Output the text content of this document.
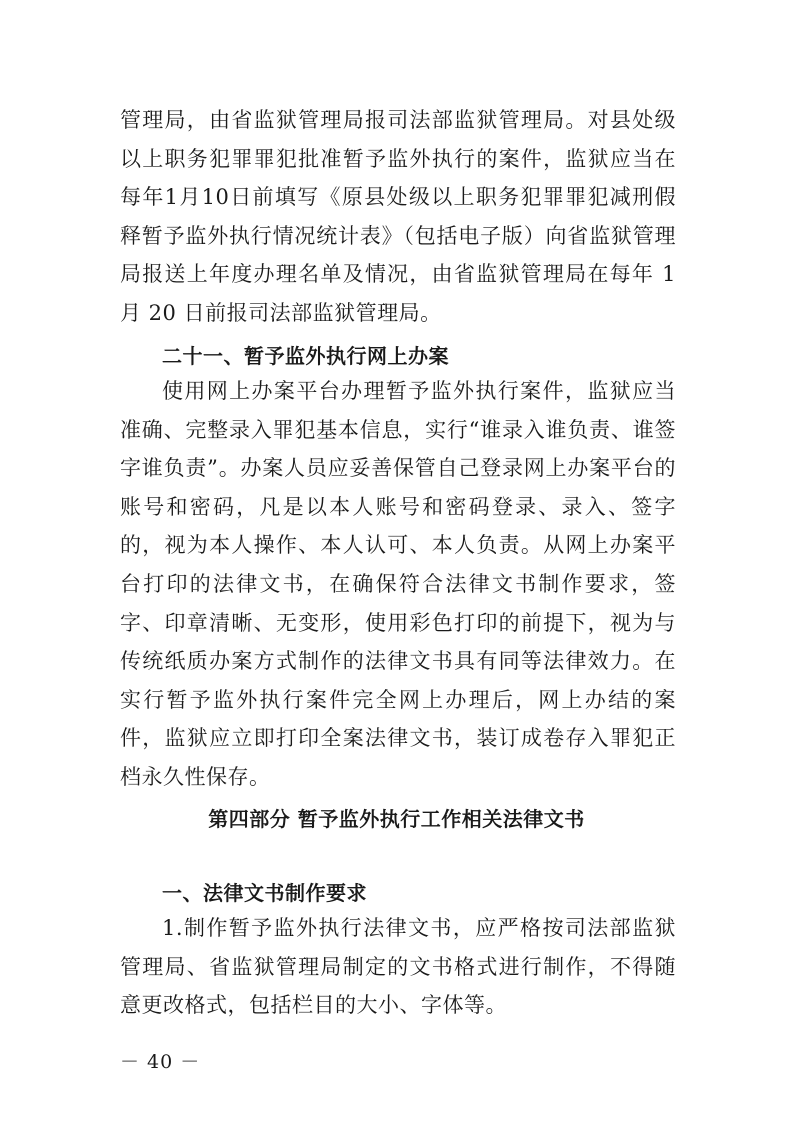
管理局，由省监狱管理局报司法部监狱管理局。对县处级以上职务犯罪罪犯批准暂予监外执行的案件，监狱应当在每年1月10日前填写《原县处级以上职务犯罪罪犯减刑假释暂予监外执行情况统计表》（包括电子版）向省监狱管理局报送上年度办理名单及情况，由省监狱管理局在每年 1 月 20 日前报司法部监狱管理局。

二十一、暂予监外执行网上办案

使用网上办案平台办理暂予监外执行案件，监狱应当准确、完整录入罪犯基本信息，实行“谁录入谁负责、谁签字谁负责”。办案人员应妥善保管自己登录网上办案平台的账号和密码，凡是以本人账号和密码登录、录入、签字的，视为本人操作、本人认可、本人负责。从网上办案平台打印的法律文书，在确保符合法律文书制作要求，签字、印章清晰、无变形，使用彩色打印的前提下，视为与传统纸质办案方式制作的法律文书具有同等法律效力。在实行暂予监外执行案件完全网上办理后，网上办结的案件，监狱应立即打印全案法律文书，装订成卷存入罪犯正档永久性保存。

第四部分 暂予监外执行工作相关法律文书
一、法律文书制作要求

1.制作暂予监外执行法律文书，应严格按司法部监狱管理局、省监狱管理局制定的文书格式进行制作，不得随意更改格式，包括栏目的大小、字体等。

－ 40 －
